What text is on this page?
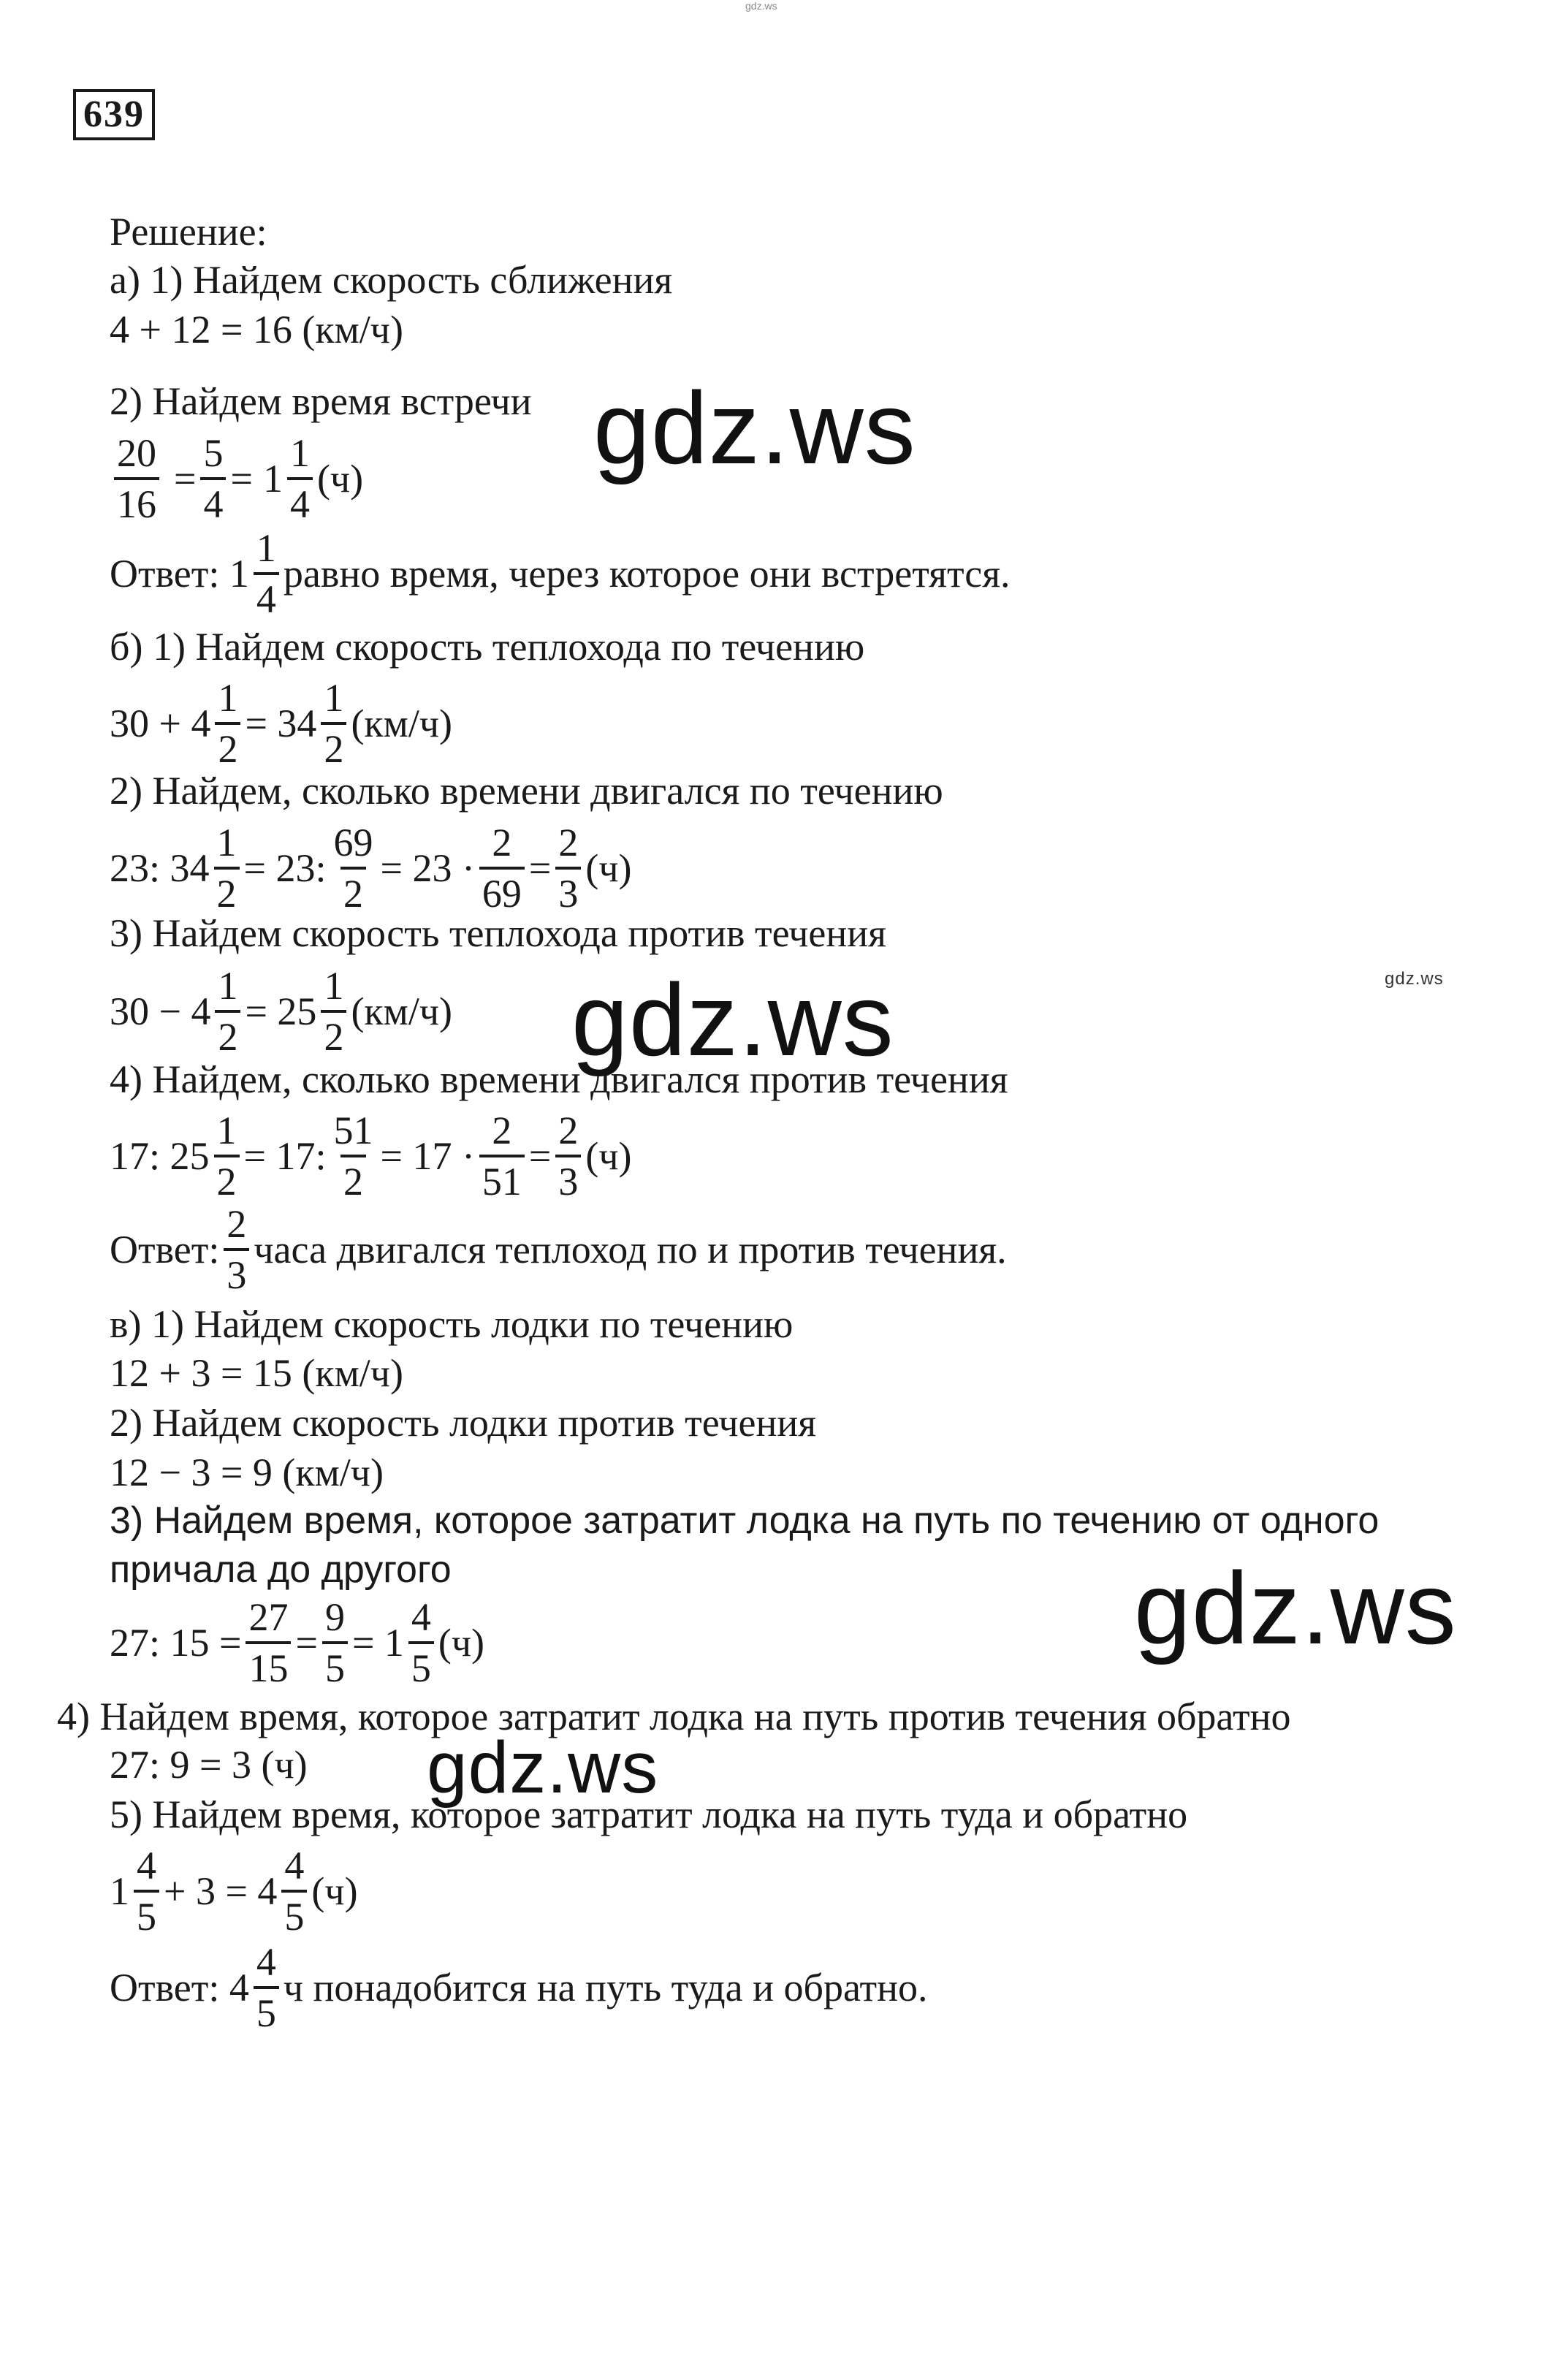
gdz.ws
639
Решение:
а) 1) Найдем скорость сближения
4 + 12 = 16 (км/ч)
2) Найдем время встречи
$\frac{20}{16} = \frac{5}{4} = 1 \frac{1}{4} (ч)$
Ответ: $1 \frac{1}{4}$ равно время, через которое они встретятся.
б) 1) Найдем скорость теплохода по течению
$30 + 4 \frac{1}{2} = 34 \frac{1}{2} (км/ч)$
2) Найдем, сколько времени двигался по течению
23: $34 \frac{1}{2} = 23$: $\frac{69}{2} = 23 \cdot \frac{2}{69} = \frac{2}{3} (ч)$
3) Найдем скорость теплохода против течения
$30 - 4 \frac{1}{2} = 25 \frac{1}{2} (км/ч)$
4) Найдем, сколько времени двигался против течения
17: $25 \frac{1}{2} = 17$: $\frac{51}{2} = 17 \cdot \frac{2}{51} = \frac{2}{3} (ч)$
Ответ: $\frac{2}{3}$ часа двигался теплоход по и против течения.
в) 1) Найдем скорость лодки по течению
12 + 3 = 15 (км/ч)
2) Найдем скорость лодки против течения
12 − 3 = 9 (км/ч)
3) Найдем время, которое затратит лодка на путь по течению от одного
причала до другого
27: $15 = \frac{27}{15} = \frac{9}{5} = 1 \frac{4}{5} (ч)$
4) Найдем время, которое затратит лодка на путь против течения обратно
27: 9 = 3 (ч)
5) Найдем время, которое затратит лодка на путь туда и обратно
$1 \frac{4}{5} + 3 = 4 \frac{4}{5} (ч)$
Ответ: $4 \frac{4}{5}$ ч понадобится на путь туда и обратно.
gdz.ws
gdz.ws
gdz.ws
gdz.ws
gdz.ws
